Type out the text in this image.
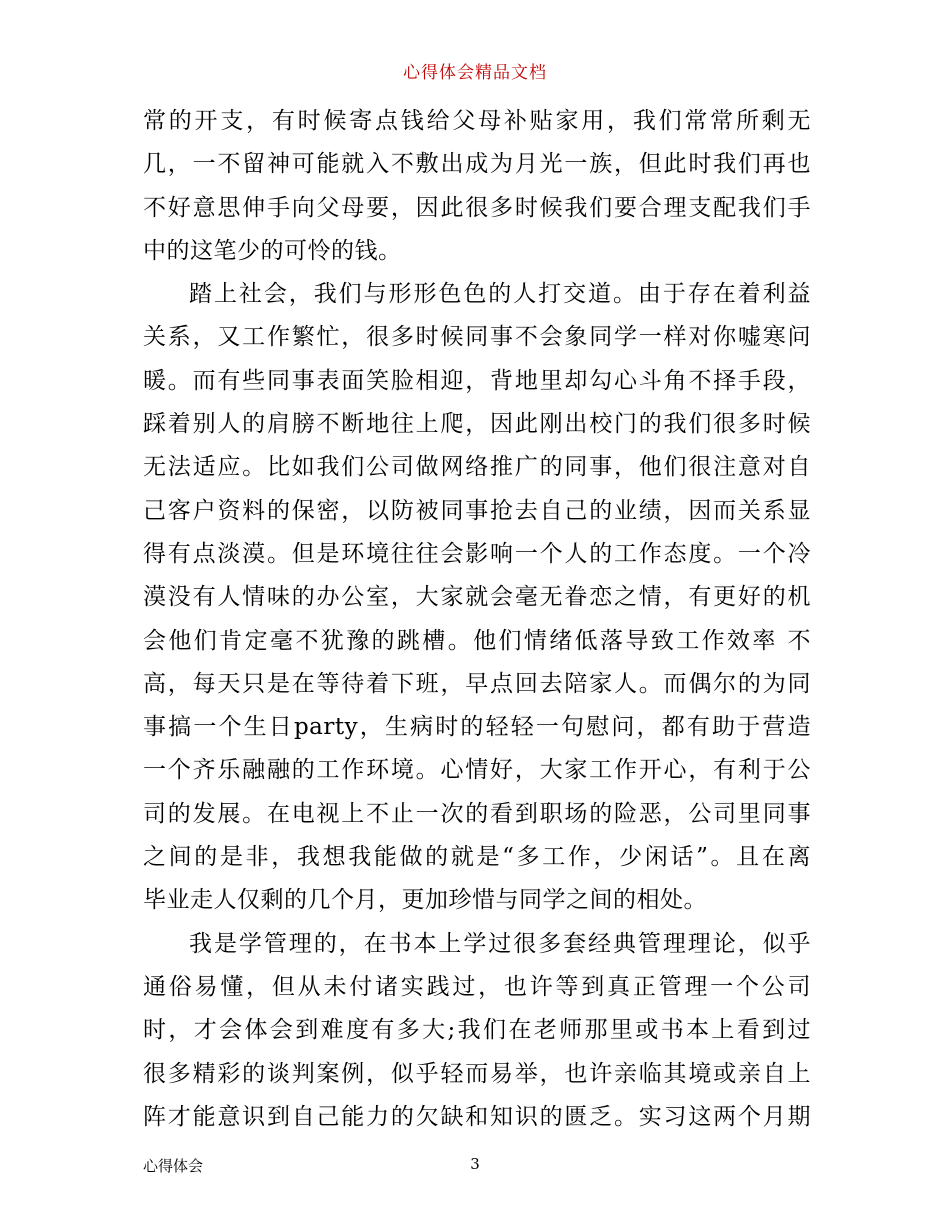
心得体会精品文档
常的开支，有时候寄点钱给父母补贴家用，我们常常所剩无
几，一不留神可能就入不敷出成为月光一族，但此时我们再也
不好意思伸手向父母要，因此很多时候我们要合理支配我们手
中的这笔少的可怜的钱。
踏上社会，我们与形形色色的人打交道。由于存在着利益
关系，又工作繁忙，很多时候同事不会象同学一样对你嘘寒问
暖。而有些同事表面笑脸相迎，背地里却勾心斗角不择手段，
踩着别人的肩膀不断地往上爬，因此刚出校门的我们很多时候
无法适应。比如我们公司做网络推广的同事，他们很注意对自
己客户资料的保密，以防被同事抢去自己的业绩，因而关系显
得有点淡漠。但是环境往往会影响一个人的工作态度。一个冷
漠没有人情味的办公室，大家就会毫无眷恋之情，有更好的机
会他们肯定毫不犹豫的跳槽。他们情绪低落导致工作效率 不
高，每天只是在等待着下班，早点回去陪家人。而偶尔的为同
事搞一个生日party，生病时的轻轻一句慰问，都有助于营造
一个齐乐融融的工作环境。心情好，大家工作开心，有利于公
司的发展。在电视上不止一次的看到职场的险恶，公司里同事
之间的是非，我想我能做的就是“多工作，少闲话”。且在离
毕业走人仅剩的几个月，更加珍惜与同学之间的相处。
我是学管理的，在书本上学过很多套经典管理理论，似乎
通俗易懂，但从未付诸实践过，也许等到真正管理一个公司
时，才会体会到难度有多大;我们在老师那里或书本上看到过
很多精彩的谈判案例，似乎轻而易举，也许亲临其境或亲自上
阵才能意识到自己能力的欠缺和知识的匮乏。实习这两个月期
心得体会	3
